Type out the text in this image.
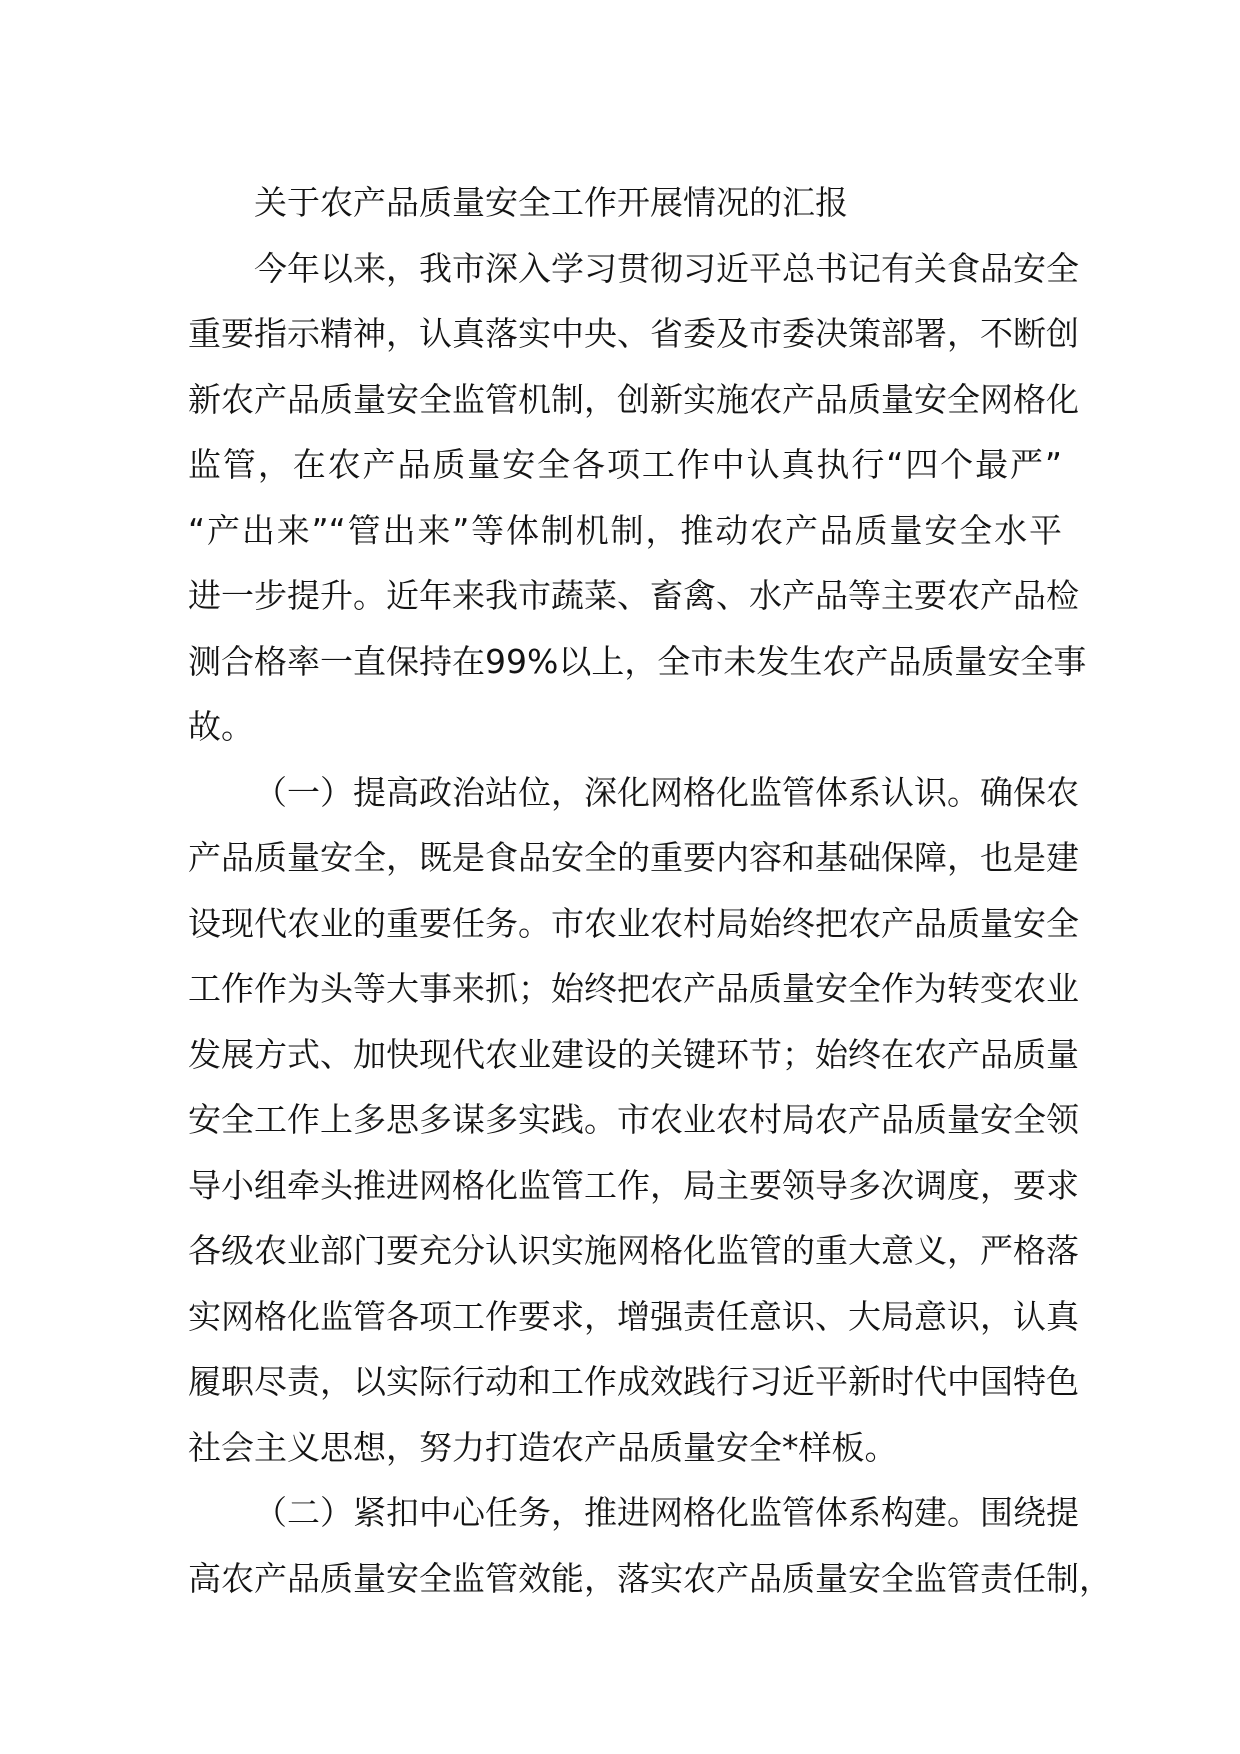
关于农产品质量安全工作开展情况的汇报
今年以来，我市深入学习贯彻习近平总书记有关食品安全
重要指示精神，认真落实中央、省委及市委决策部署，不断创
新农产品质量安全监管机制，创新实施农产品质量安全网格化
监管，在农产品质量安全各项工作中认真执行“四个最严”
“产出来”“管出来”等体制机制，推动农产品质量安全水平
进一步提升。近年来我市蔬菜、畜禽、水产品等主要农产品检
测合格率一直保持在99%以上，全市未发生农产品质量安全事
故。
（一）提高政治站位，深化网格化监管体系认识。确保农
产品质量安全，既是食品安全的重要内容和基础保障，也是建
设现代农业的重要任务。市农业农村局始终把农产品质量安全
工作作为头等大事来抓；始终把农产品质量安全作为转变农业
发展方式、加快现代农业建设的关键环节；始终在农产品质量
安全工作上多思多谋多实践。市农业农村局农产品质量安全领
导小组牵头推进网格化监管工作，局主要领导多次调度，要求
各级农业部门要充分认识实施网格化监管的重大意义，严格落
实网格化监管各项工作要求，增强责任意识、大局意识，认真
履职尽责，以实际行动和工作成效践行习近平新时代中国特色
社会主义思想，努力打造农产品质量安全*样板。
（二）紧扣中心任务，推进网格化监管体系构建。围绕提
高农产品质量安全监管效能，落实农产品质量安全监管责任制，
